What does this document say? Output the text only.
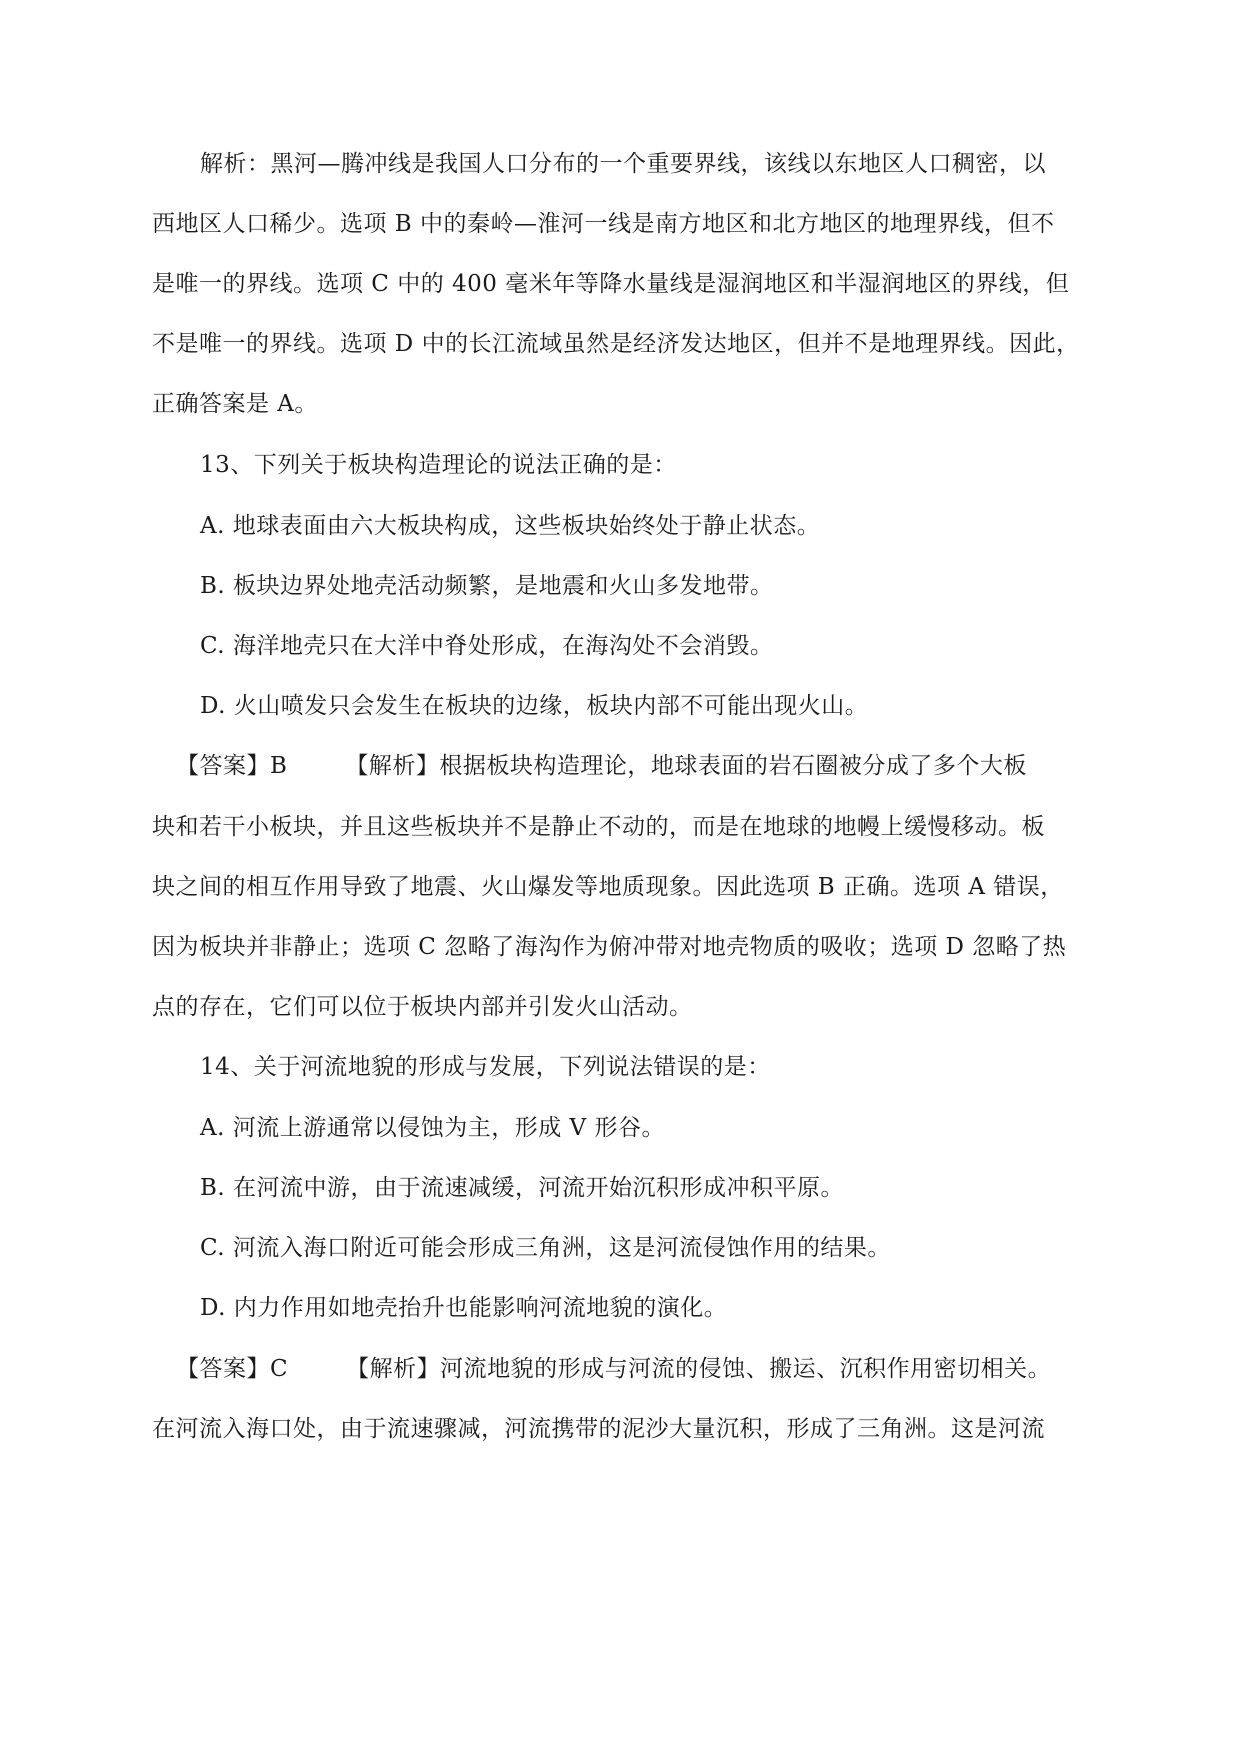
解析：黑河—腾冲线是我国人口分布的一个重要界线，该线以东地区人口稠密，以
西地区人口稀少。选项 B 中的秦岭—淮河一线是南方地区和北方地区的地理界线，但不
是唯一的界线。选项 C 中的 400 毫米年等降水量线是湿润地区和半湿润地区的界线，但
不是唯一的界线。选项 D 中的长江流域虽然是经济发达地区，但并不是地理界线。因此，
正确答案是 A。
13、下列关于板块构造理论的说法正确的是：
A. 地球表面由六大板块构成，这些板块始终处于静止状态。
B. 板块边界处地壳活动频繁，是地震和火山多发地带。
C. 海洋地壳只在大洋中脊处形成，在海沟处不会消毁。
D. 火山喷发只会发生在板块的边缘，板块内部不可能出现火山。
【答案】B	【解析】根据板块构造理论，地球表面的岩石圈被分成了多个大板
块和若干小板块，并且这些板块并不是静止不动的，而是在地球的地幔上缓慢移动。板
块之间的相互作用导致了地震、火山爆发等地质现象。因此选项 B 正确。选项 A 错误，
因为板块并非静止；选项 C 忽略了海沟作为俯冲带对地壳物质的吸收；选项 D 忽略了热
点的存在，它们可以位于板块内部并引发火山活动。
14、关于河流地貌的形成与发展，下列说法错误的是：
A. 河流上游通常以侵蚀为主，形成 V 形谷。
B. 在河流中游，由于流速减缓，河流开始沉积形成冲积平原。
C. 河流入海口附近可能会形成三角洲，这是河流侵蚀作用的结果。
D. 内力作用如地壳抬升也能影响河流地貌的演化。
【答案】C	【解析】河流地貌的形成与河流的侵蚀、搬运、沉积作用密切相关。
在河流入海口处，由于流速骤减，河流携带的泥沙大量沉积，形成了三角洲。这是河流
